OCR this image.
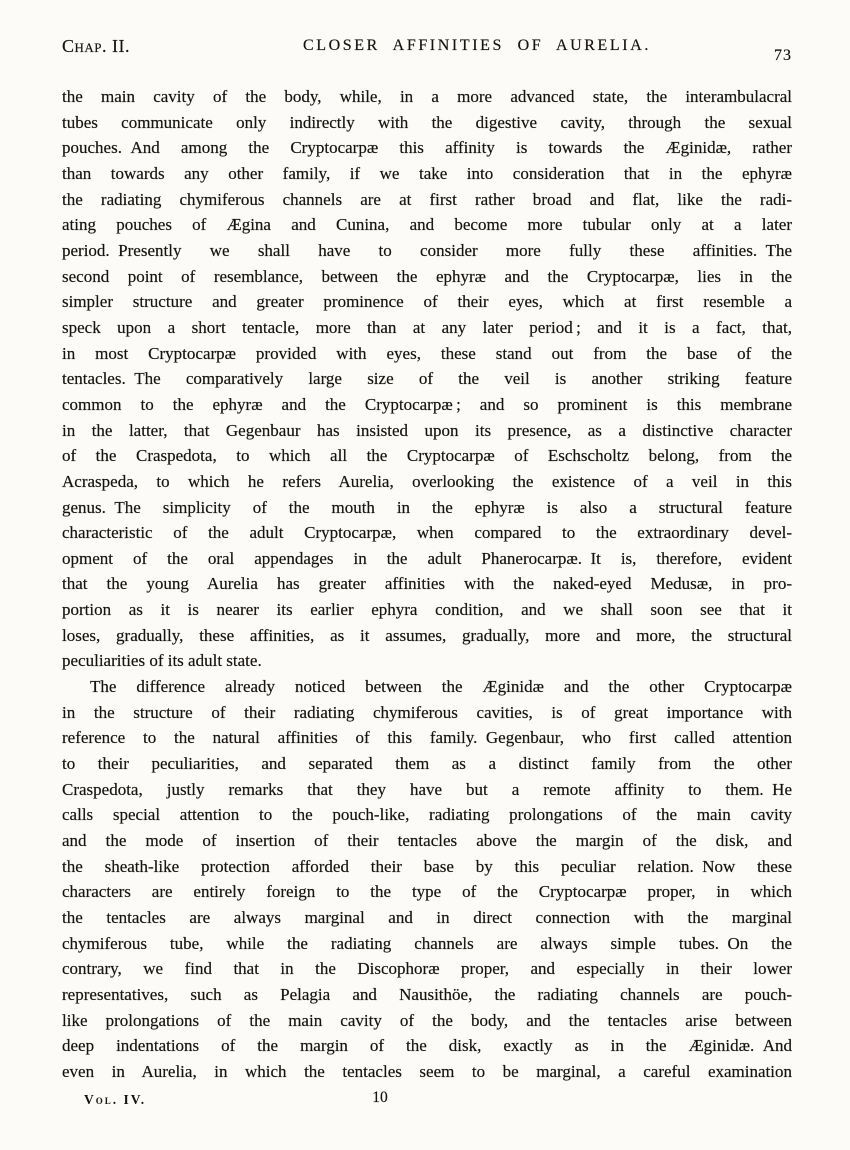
Chap. II.	CLOSER AFFINITIES OF AURELIA.
73
the main cavity of the body, while, in a more advanced state, the interambulacral
tubes communicate only indirectly with the digestive cavity, through the sexual
pouches. And among the Cryptocarpæ this affinity is towards the Æginidæ, rather
than towards any other family, if we take into consideration that in the ephyræ
the radiating chymiferous channels are at first rather broad and flat, like the radi-
ating pouches of Ægina and Cunina, and become more tubular only at a later
period. Presently we shall have to consider more fully these affinities. The
second point of resemblance, between the ephyræ and the Cryptocarpæ, lies in the
simpler structure and greater prominence of their eyes, which at first resemble a
speck upon a short tentacle, more than at any later period ; and it is a fact, that,
in most Cryptocarpæ provided with eyes, these stand out from the base of the
tentacles. The comparatively large size of the veil is another striking feature
common to the ephyræ and the Cryptocarpæ ; and so prominent is this membrane
in the latter, that Gegenbaur has insisted upon its presence, as a distinctive character
of the Craspedota, to which all the Cryptocarpæ of Eschscholtz belong, from the
Acraspeda, to which he refers Aurelia, overlooking the existence of a veil in this
genus. The simplicity of the mouth in the ephyræ is also a structural feature
characteristic of the adult Cryptocarpæ, when compared to the extraordinary devel-
opment of the oral appendages in the adult Phanerocarpæ. It is, therefore, evident
that the young Aurelia has greater affinities with the naked-eyed Medusæ, in pro-
portion as it is nearer its earlier ephyra condition, and we shall soon see that it
loses, gradually, these affinities, as it assumes, gradually, more and more, the structural
peculiarities of its adult state.
The difference already noticed between the Æginidæ and the other Cryptocarpæ
in the structure of their radiating chymiferous cavities, is of great importance with
reference to the natural affinities of this family. Gegenbaur, who first called attention
to their peculiarities, and separated them as a distinct family from the other
Craspedota, justly remarks that they have but a remote affinity to them. He
calls special attention to the pouch-like, radiating prolongations of the main cavity
and the mode of insertion of their tentacles above the margin of the disk, and
the sheath-like protection afforded their base by this peculiar relation. Now these
characters are entirely foreign to the type of the Cryptocarpæ proper, in which
the tentacles are always marginal and in direct connection with the marginal
chymiferous tube, while the radiating channels are always simple tubes. On the
contrary, we find that in the Discophoræ proper, and especially in their lower
representatives, such as Pelagia and Nausithöe, the radiating channels are pouch-
like prolongations of the main cavity of the body, and the tentacles arise between
deep indentations of the margin of the disk, exactly as in the Æginidæ. And
even in Aurelia, in which the tentacles seem to be marginal, a careful examination
Vol. IV.	10
